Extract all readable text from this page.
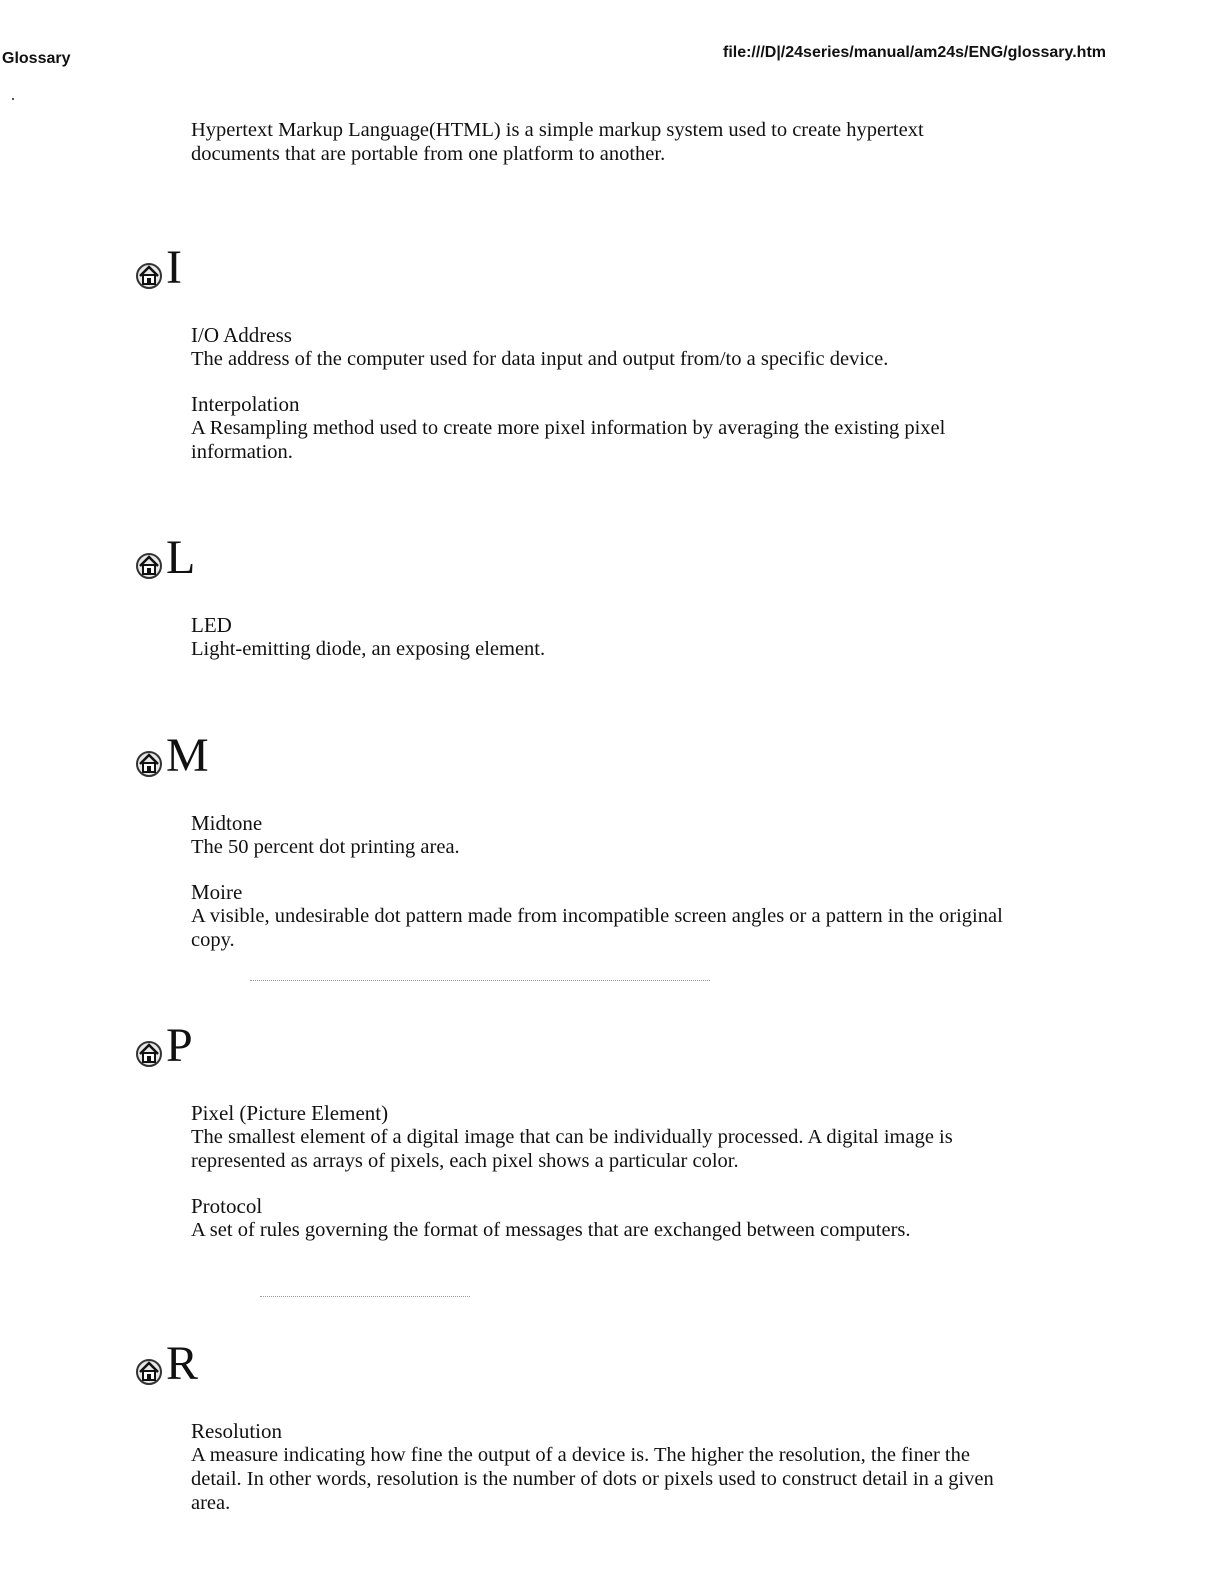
Glossary	file:///D|/24series/manual/am24s/ENG/glossary.htm
Hypertext Markup Language(HTML) is a simple markup system used to create hypertext documents that are portable from one platform to another.
I
I/O Address
The address of the computer used for data input and output from/to a specific device.
Interpolation
A Resampling method used to create more pixel information by averaging the existing pixel information.
L
LED
Light-emitting diode, an exposing element.
M
Midtone
The 50 percent dot printing area.
Moire
A visible, undesirable dot pattern made from incompatible screen angles or a pattern in the original copy.
P
Pixel (Picture Element)
The smallest element of a digital image that can be individually processed. A digital image is represented as arrays of pixels, each pixel shows a particular color.
Protocol
A set of rules governing the format of messages that are exchanged between computers.
R
Resolution
A measure indicating how fine the output of a device is. The higher the resolution, the finer the detail. In other words, resolution is the number of dots or pixels used to construct detail in a given area.
